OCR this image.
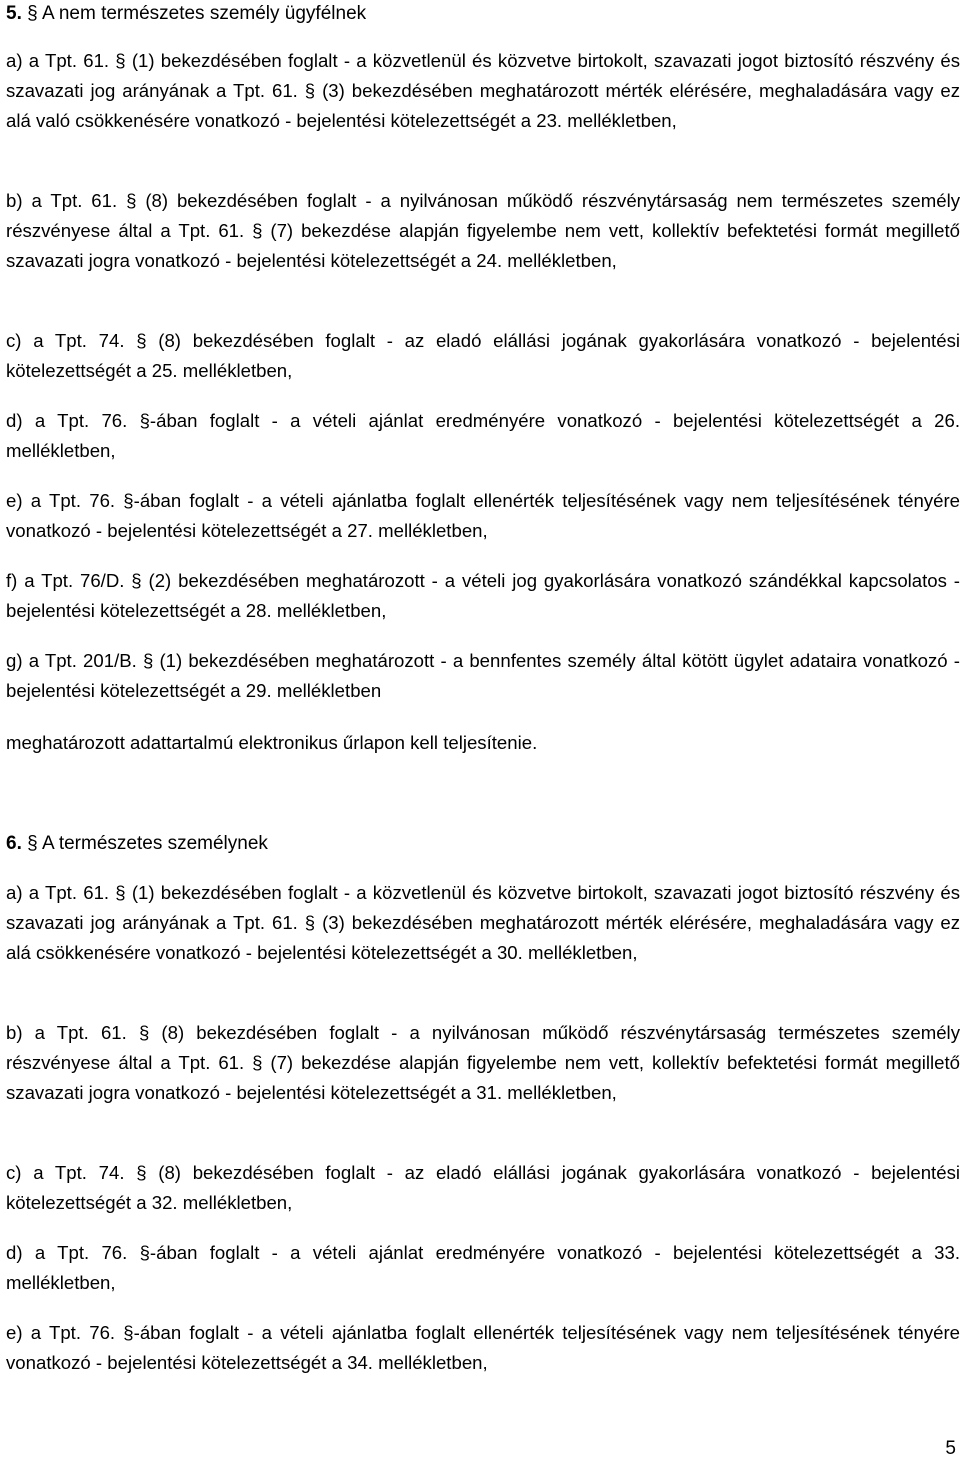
5. § A nem természetes személy ügyfélnek

a) a Tpt. 61. § (1) bekezdésében foglalt - a közvetlenül és közvetve birtokolt, szavazati jogot biztosító részvény és szavazati jog arányának a Tpt. 61. § (3) bekezdésében meghatározott mérték elérésére, meghaladására vagy ez alá való csökkenésére vonatkozó - bejelentési kötelezettségét a 23. mellékletben,

b) a Tpt. 61. § (8) bekezdésében foglalt - a nyilvánosan működő részvénytársaság nem természetes személy részvényese által a Tpt. 61. § (7) bekezdése alapján figyelembe nem vett, kollektív befektetési formát megillető szavazati jogra vonatkozó - bejelentési kötelezettségét a 24. mellékletben,

c) a Tpt. 74. § (8) bekezdésében foglalt - az eladó elállási jogának gyakorlására vonatkozó - bejelentési kötelezettségét a 25. mellékletben,

d) a Tpt. 76. §-ában foglalt - a vételi ajánlat eredményére vonatkozó - bejelentési kötelezettségét a 26. mellékletben,

e) a Tpt. 76. §-ában foglalt - a vételi ajánlatba foglalt ellenérték teljesítésének vagy nem teljesítésének tényére vonatkozó - bejelentési kötelezettségét a 27. mellékletben,

f) a Tpt. 76/D. § (2) bekezdésében meghatározott - a vételi jog gyakorlására vonatkozó szándékkal kapcsolatos - bejelentési kötelezettségét a 28. mellékletben,

g) a Tpt. 201/B. § (1) bekezdésében meghatározott - a bennfentes személy által kötött ügylet adataira vonatkozó - bejelentési kötelezettségét a 29. mellékletben

meghatározott adattartalmú elektronikus űrlapon kell teljesítenie.

6. § A természetes személynek

a) a Tpt. 61. § (1) bekezdésében foglalt - a közvetlenül és közvetve birtokolt, szavazati jogot biztosító részvény és szavazati jog arányának a Tpt. 61. § (3) bekezdésében meghatározott mérték elérésére, meghaladására vagy ez alá csökkenésére vonatkozó - bejelentési kötelezettségét a 30. mellékletben,

b) a Tpt. 61. § (8) bekezdésében foglalt - a nyilvánosan működő részvénytársaság természetes személy részvényese által a Tpt. 61. § (7) bekezdése alapján figyelembe nem vett, kollektív befektetési formát megillető szavazati jogra vonatkozó - bejelentési kötelezettségét a 31. mellékletben,

c) a Tpt. 74. § (8) bekezdésében foglalt - az eladó elállási jogának gyakorlására vonatkozó - bejelentési kötelezettségét a 32. mellékletben,

d) a Tpt. 76. §-ában foglalt - a vételi ajánlat eredményére vonatkozó - bejelentési kötelezettségét a 33. mellékletben,

e) a Tpt. 76. §-ában foglalt - a vételi ajánlatba foglalt ellenérték teljesítésének vagy nem teljesítésének tényére vonatkozó - bejelentési kötelezettségét a 34. mellékletben,

5
